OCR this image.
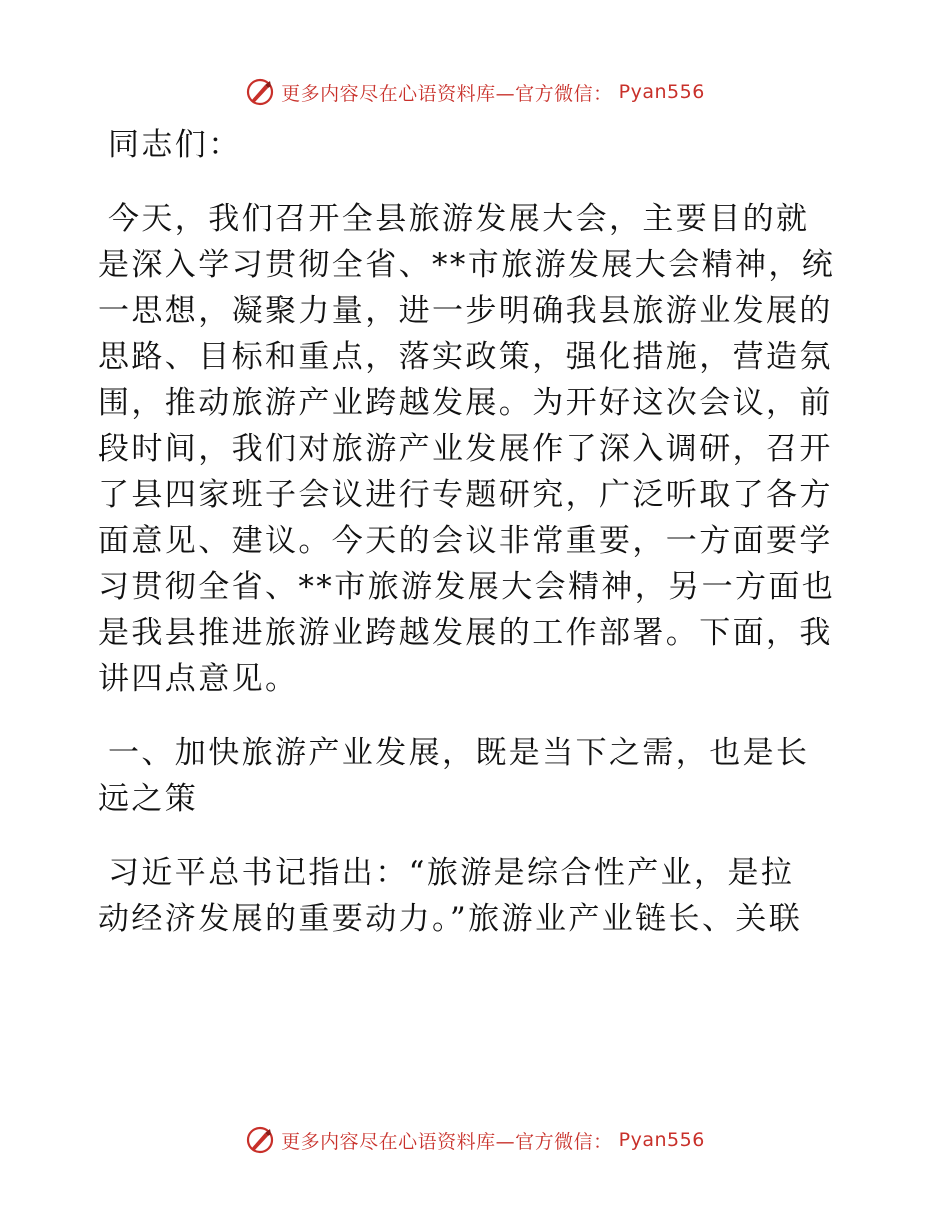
更多内容尽在心语资料库—官方微信： Pyan556
同志们：
今天，我们召开全县旅游发展大会，主要目的就
是深入学习贯彻全省、**市旅游发展大会精神，统
一思想，凝聚力量，进一步明确我县旅游业发展的
思路、目标和重点，落实政策，强化措施，营造氛
围，推动旅游产业跨越发展。为开好这次会议，前
段时间，我们对旅游产业发展作了深入调研，召开
了县四家班子会议进行专题研究，广泛听取了各方
面意见、建议。今天的会议非常重要，一方面要学
习贯彻全省、**市旅游发展大会精神，另一方面也
是我县推进旅游业跨越发展的工作部署。下面，我
讲四点意见。
一、加快旅游产业发展，既是当下之需，也是长
远之策
习近平总书记指出：“旅游是综合性产业，是拉
动经济发展的重要动力。”旅游业产业链长、关联
更多内容尽在心语资料库—官方微信： Pyan556
